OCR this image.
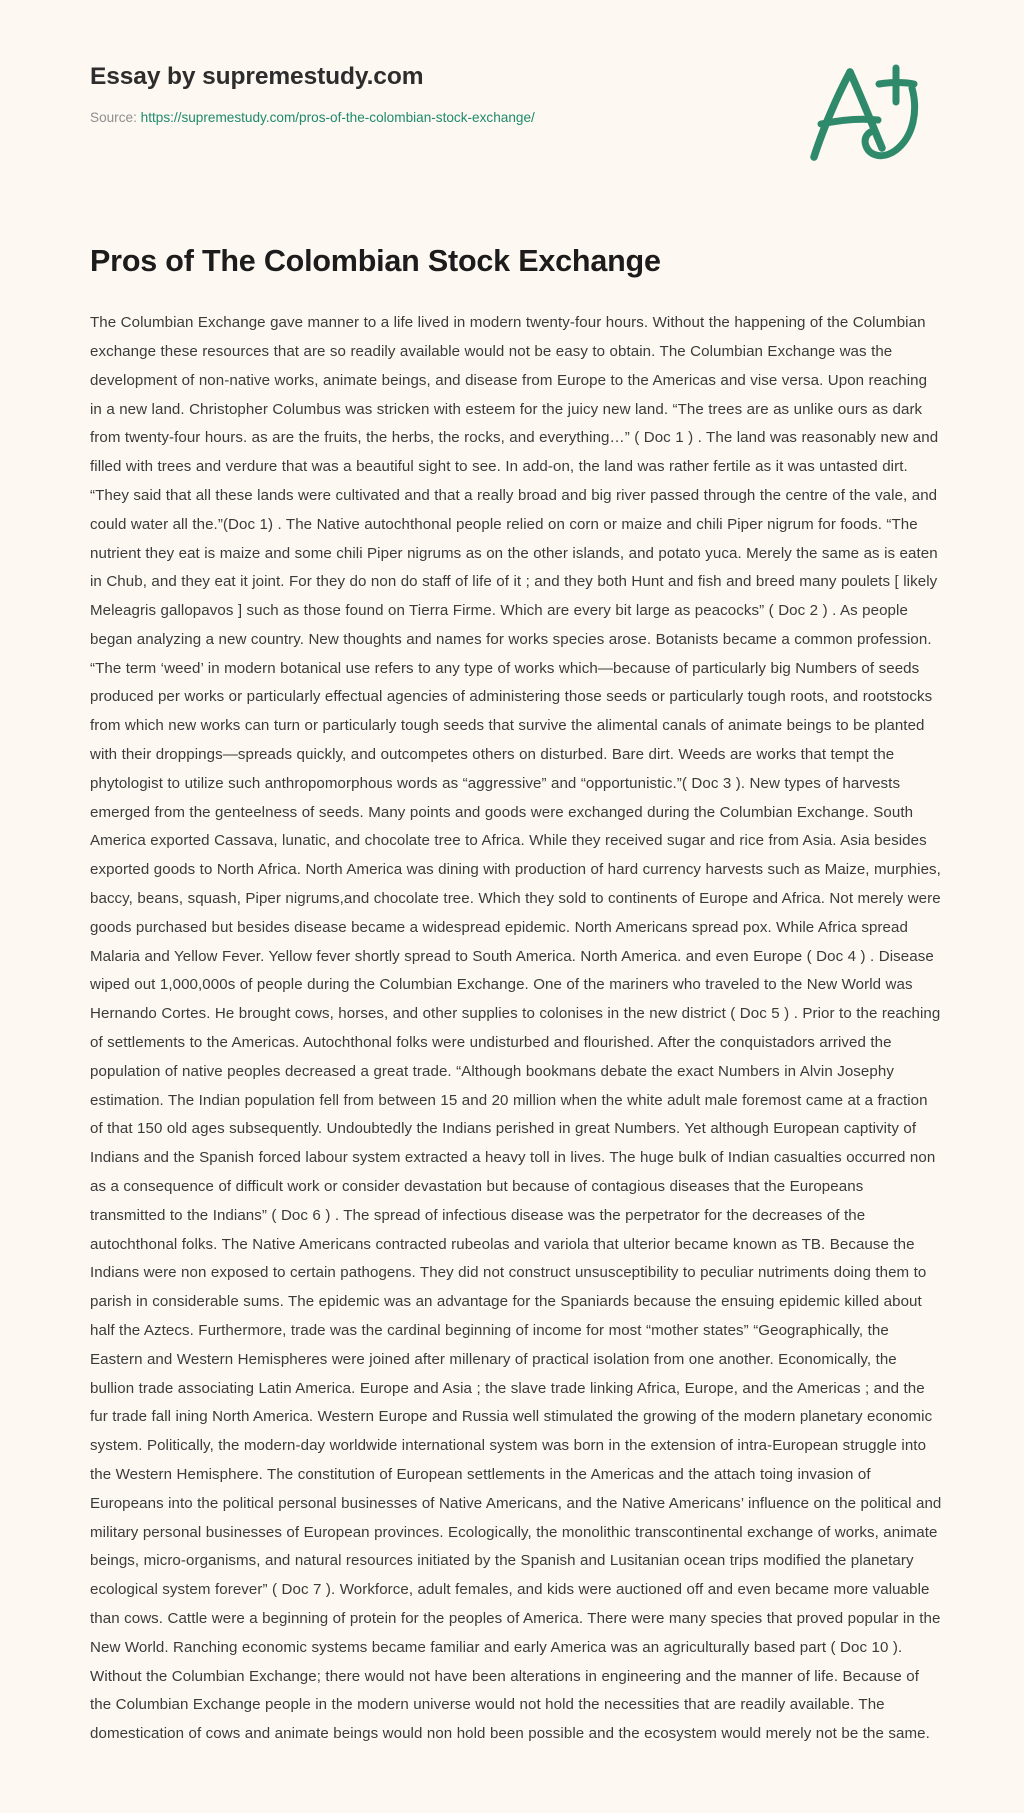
Essay by supremestudy.com
Source: https://supremestudy.com/pros-of-the-colombian-stock-exchange/
Pros of The Colombian Stock Exchange

The Columbian Exchange gave manner to a life lived in modern twenty-four hours. Without the happening of the Columbian exchange these resources that are so readily available would not be easy to obtain. The Columbian Exchange was the development of non-native works, animate beings, and disease from Europe to the Americas and vise versa. Upon reaching in a new land. Christopher Columbus was stricken with esteem for the juicy new land. “The trees are as unlike ours as dark from twenty-four hours. as are the fruits, the herbs, the rocks, and everything…” ( Doc 1 ) . The land was reasonably new and filled with trees and verdure that was a beautiful sight to see. In add-on, the land was rather fertile as it was untasted dirt. “They said that all these lands were cultivated and that a really broad and big river passed through the centre of the vale, and could water all the.”(Doc 1) . The Native autochthonal people relied on corn or maize and chili Piper nigrum for foods. “The nutrient they eat is maize and some chili Piper nigrums as on the other islands, and potato yuca. Merely the same as is eaten in Chub, and they eat it joint. For they do non do staff of life of it ; and they both Hunt and fish and breed many poulets [ likely Meleagris gallopavos ] such as those found on Tierra Firme. Which are every bit large as peacocks” ( Doc 2 ) . As people began analyzing a new country. New thoughts and names for works species arose. Botanists became a common profession. “The term ‘weed’ in modern botanical use refers to any type of works which—because of particularly big Numbers of seeds produced per works or particularly effectual agencies of administering those seeds or particularly tough roots, and rootstocks from which new works can turn or particularly tough seeds that survive the alimental canals of animate beings to be planted with their droppings—spreads quickly, and outcompetes others on disturbed. Bare dirt. Weeds are works that tempt the phytologist to utilize such anthropomorphous words as “aggressive” and “opportunistic.”( Doc 3 ). New types of harvests emerged from the genteelness of seeds. Many points and goods were exchanged during the Columbian Exchange. South America exported Cassava, lunatic, and chocolate tree to Africa. While they received sugar and rice from Asia. Asia besides exported goods to North Africa. North America was dining with production of hard currency harvests such as Maize, murphies, baccy, beans, squash, Piper nigrums,and chocolate tree. Which they sold to continents of Europe and Africa. Not merely were goods purchased but besides disease became a widespread epidemic. North Americans spread pox. While Africa spread Malaria and Yellow Fever. Yellow fever shortly spread to South America. North America. and even Europe ( Doc 4 ) . Disease wiped out 1,000,000s of people during the Columbian Exchange. One of the mariners who traveled to the New World was Hernando Cortes. He brought cows, horses, and other supplies to colonises in the new district ( Doc 5 ) . Prior to the reaching of settlements to the Americas. Autochthonal folks were undisturbed and flourished. After the conquistadors arrived the population of native peoples decreased a great trade. “Although bookmans debate the exact Numbers in Alvin Josephy estimation. The Indian population fell from between 15 and 20 million when the white adult male foremost came at a fraction of that 150 old ages subsequently. Undoubtedly the Indians perished in great Numbers. Yet although European captivity of Indians and the Spanish forced labour system extracted a heavy toll in lives. The huge bulk of Indian casualties occurred non as a consequence of difficult work or consider devastation but because of contagious diseases that the Europeans transmitted to the Indians” ( Doc 6 ) . The spread of infectious disease was the perpetrator for the decreases of the autochthonal folks. The Native Americans contracted rubeolas and variola that ulterior became known as TB. Because the Indians were non exposed to certain pathogens. They did not construct unsusceptibility to peculiar nutriments doing them to parish in considerable sums. The epidemic was an advantage for the Spaniards because the ensuing epidemic killed about half the Aztecs. Furthermore, trade was the cardinal beginning of income for most “mother states” “Geographically, the Eastern and Western Hemispheres were joined after millenary of practical isolation from one another. Economically, the bullion trade associating Latin America. Europe and Asia ; the slave trade linking Africa, Europe, and the Americas ; and the fur trade fall ining North America. Western Europe and Russia well stimulated the growing of the modern planetary economic system. Politically, the modern-day worldwide international system was born in the extension of intra-European struggle into the Western Hemisphere. The constitution of European settlements in the Americas and the attach toing invasion of Europeans into the political personal businesses of Native Americans, and the Native Americans’ influence on the political and military personal businesses of European provinces. Ecologically, the monolithic transcontinental exchange of works, animate beings, micro-organisms, and natural resources initiated by the Spanish and Lusitanian ocean trips modified the planetary ecological system forever” ( Doc 7 ). Workforce, adult females, and kids were auctioned off and even became more valuable than cows. Cattle were a beginning of protein for the peoples of America. There were many species that proved popular in the New World. Ranching economic systems became familiar and early America was an agriculturally based part ( Doc 10 ). Without the Columbian Exchange; there would not have been alterations in engineering and the manner of life. Because of the Columbian Exchange people in the modern universe would not hold the necessities that are readily available. The domestication of cows and animate beings would non hold been possible and the ecosystem would merely not be the same.
